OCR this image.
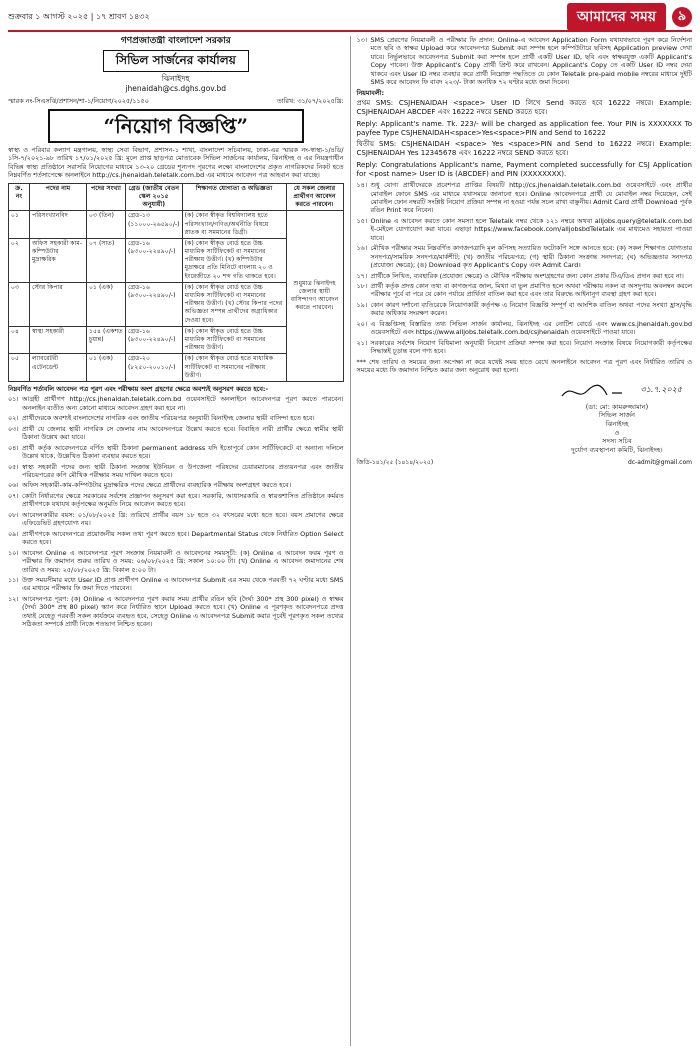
শুক্রবার ১ আগস্ট ২০২৫ | ১৭ শ্রাবণ ১৪৩২	আমাদের সময়	৯
গণপ্রজাতন্ত্রী বাংলাদেশ সরকার
সিভিল সার্জনের কার্যালয়
ঝিনাইদহ
jhenaidah@cs.dghs.gov.bd
স্মারক নং-সিএসঝি/প্রশাসন/শা-১/নিয়োগ/২০২৫/১১৫০	তারিখ: ৩১/০৭/২০২৫খ্রি:
“নিয়োগ বিজ্ঞপ্তি”

স্বাস্থ্য ও পরিবার কল্যাণ মন্ত্রণালয়, স্বাস্থ্য সেবা বিভাগ, প্রশাসন-১ শাখা, বাংলাদেশ সচিবালয়, ঢাকা-এর স্মারক নং-স্বাস্থ্য-১/৪ডি/১সি-৭/২০২১-৯৮ তারিখ ১৭/০১/২০২৫ খ্রি: মূলে প্রাপ্ত ছাড়পত্র মোতাবেক সিভিল সার্জনের কার্যালয়, ঝিনাইদহ ও এর নিয়ন্ত্রণাধীন বিভিন্ন স্বাস্থ্য প্রতিষ্ঠানে সরাসরি নিয়োগের মাধ্যমে ১৩-২০ গ্রেডের শূন্যপদ পূরণের লক্ষ্যে বাংলাদেশের প্রকৃত নাগরিকদের নিকট হতে নিম্নবর্ণিত শর্তসাপেক্ষে অনলাইনে http://cs.jhenaidah.teletalk.com.bd এর মাধ্যমে আবেদন পত্র আহবান করা যাচ্ছে।

ক্র. নং	পদের নাম	পদের সংখ্যা	গ্রেড (জাতীয় বেতন স্কেল ২০১৫ অনুযায়ী)	শিক্ষাগত যোগ্যতা ও অভিজ্ঞতা	যে সকল জেলার প্রার্থীগণ আবেদন করতে পারবেন।
০১	পরিসংখ্যানবিদ	০৩ (তিন)	গ্রেড-১৩ (১১০০০-২৬৫৯০/-)	(ক) কোন স্বীকৃত বিশ্ববিদ্যালয় হতে পরিসংখ্যান/গণিত/অর্থনীতি বিষয়ে স্নাতক বা সমমানের ডিগ্রী।	শুধুমাত্র ঝিনাইদহ জেলার স্থায়ী বাসিন্দাগণ আবেদন করতে পারবেন।
০২	অফিস সহকারী কাম-কম্পিউটার মুদ্রাক্ষরিক	০৭ (সাত)	গ্রেড-১৬ (৯৩০০-২২৪৯০/-)	(ক) কোন স্বীকৃত বোর্ড হতে উচ্চ মাধ্যমিক সার্টিফিকেট বা সমমানের পরীক্ষায় উত্তীর্ণ। (খ) কম্পিউটার মুদ্রাক্ষরে প্রতি মিনিটে বাংলায় ২০ ও ইংরেজীতে ২০ শব্দ গতি থাকতে হবে।	
০৩	স্টোর কিপার	০১ (এক)	গ্রেড-১৬ (৯৩০০-২২৪৯০/-)	(ক) কোন স্বীকৃত বোর্ড হতে উচ্চ মাধ্যমিক সার্টিফিকেট বা সমমানের পরীক্ষায় উত্তীর্ণ। (খ) স্টোর কিপার পদের অভিজ্ঞতা সম্পন্ন প্রার্থীদের অগ্রাধিকার দেওয়া হবে।	
০৪	স্বাস্থ্য সহকারী	১৫৪ (একশত চুয়ান্ন)	গ্রেড-১৬ (৯৩০০-২২৪৯০/-)	(ক) কোন স্বীকৃত বোর্ড হতে উচ্চ মাধ্যমিক সার্টিফিকেট বা সমমানের পরীক্ষায় উত্তীর্ণ।	
০৫	ল্যাবরেটরী এটেনডেন্ট	০১ (এক)	গ্রেড-২০ (৮২৫০-২০০১০/-)	(ক) কোন স্বীকৃত বোর্ড হতে মাধ্যমিক সার্টিফিকেট বা সমমানের পরীক্ষায় উত্তীর্ণ।	

নিম্নবর্ণিত শর্তাবলি আবেদন পত্র পূরণ এবং পরীক্ষায় অংশ গ্রহণের ক্ষেত্রে অবশ্যই অনুসরণ করতে হবে:-

০১। আগ্রহী প্রার্থীগণ http://cs.jhenaidah.teletalk.com.bd ওয়েবসাইটে অনলাইনে আবেদনপত্র পূরণ করতে পারবেন। অনলাইন ব্যতীত অন্য কোনো মাধ্যমে আবেদন গ্রহণ করা হবে না।
০২। প্রার্থীদেরকে অবশ্যই বাংলাদেশের নাগরিক এবং জাতীয় পরিচয়পত্র অনুযায়ী ঝিনাইদহ জেলার স্থায়ী বাসিন্দা হতে হবে।
০৩। প্রার্থী যে জেলার স্থায়ী নাগরিক সে জেলার নাম আবেদনপত্রে উল্লেখ করতে হবে। বিবাহিত নারী প্রার্থীর ক্ষেত্রে স্বামীর স্থায়ী ঠিকানা উল্লেখ করা যাবে।
০৪। প্রার্থী কর্তৃক আবেদনপত্রে বর্ণিত স্থায়ী ঠিকানা permanent address যদি ইতোপূর্বে কোন সার্টিফিকেটে বা অন্যান্য দলিলে উল্লেখ থাকে, উল্লেখিত ঠিকানা ব্যবহার করতে হবে।
০৫। স্বাস্থ্য সহকারী পদের জন্য স্থায়ী ঠিকানা সংক্রান্ত ইউনিয়ন ও উপজেলা পরিষদের চেয়ারম্যানের প্রত্যয়নপত্র এবং জাতীয় পরিচয়পত্রের কপি মৌখিক পরীক্ষার সময় দাখিল করতে হবে।
০৬। অফিস সহকারী-কাম-কম্পিউটার মুদ্রাক্ষরিক পদের ক্ষেত্রে প্রার্থীদের ব্যবহারিক পরীক্ষায় অংশগ্রহণ করতে হবে।
০৭। কোটা নির্ধারণের ক্ষেত্রে সরকারের সর্বশেষ প্রজ্ঞাপন অনুসরণ করা হবে। সরকারি, আধাসরকারি ও স্বায়ত্তশাসিত প্রতিষ্ঠানে কর্মরত প্রার্থীগণকে যথাযথ কর্তৃপক্ষের অনুমতি নিয়ে আবেদন করতে হবে।
০৮। আবেদনকারীর বয়স: ০১/০৮/২০২৫ খ্রি: তারিখে প্রার্থীর বয়স ১৮ হতে ৩২ বৎসরের মধ্যে হতে হবে। বয়স প্রমাণের ক্ষেত্রে এফিডেভিট গ্রহণযোগ্য নয়।
০৯। প্রার্থীগণকে আবেদনপত্রে প্রয়োজনীয় সকল তথ্য পূরণ করতে হবে। Departmental Status থেকে নির্ধারিত Option Select করতে হবে।
১০। আবেদন Online এ আবেদনপত্র পূরণ সংক্রান্ত নিয়মাবলী ও আবেদনের সময়সূচী: (ক) Online এ আবেদন ফরম পূরণ ও পরীক্ষার ফি জমাদান শুরুর তারিখ ও সময়: ০৬/০৮/২০২৫ খ্রি: সকাল ১০:০০ টা। (খ) Online এ আবেদন জমাদানের শেষ তারিখ ও সময়: ২৫/০৮/২০২৫ খ্রি: বিকাল ৫:০০ টা।
১১। উক্ত সময়সীমার মধ্যে User ID প্রাপ্ত প্রার্থীগণ Online এ আবেদনপত্র Submit এর সময় থেকে পরবর্তী ৭২ ঘণ্টার মধ্যে SMS এর মাধ্যমে পরীক্ষার ফি জমা দিতে পারবেন।
১২। আবেদনপত্র পূরণ: (ক) Online এ আবেদনপত্র পূরণ করার সময় প্রার্থীর রঙিন ছবি (দৈর্ঘ্য 300* প্রস্থ 300 pixel) ও স্বাক্ষর (দৈর্ঘ্য 300* প্রস্থ 80 pixel) স্ক্যান করে নির্ধারিত স্থানে Upload করতে হবে। (খ) Online এ পূরণকৃত আবেদনপত্রে প্রদত্ত তথ্যই যেহেতু পরবর্তী সকল কার্যক্রমে ব্যবহৃত হবে, সেহেতু Online এ আবেদনপত্র Submit করার পূর্বেই পূরণকৃত সকল তথ্যের সঠিকতা সম্পর্কে প্রার্থী নিজে শতভাগ নিশ্চিত হবেন।
১৩। SMS প্রেরণের নিয়মাবলী ও পরীক্ষার ফি প্রদান: Online-এ আবেদন Application Form যথাযথভাবে পূরণ করে নির্দেশনা মতে ছবি ও স্বাক্ষর Upload করে আবেদনপত্র Submit করা সম্পন্ন হলে কম্পিউটারে ছবিসহ Application preview দেখা যাবে। নির্ভুলভাবে আবেদনপত্র Submit করা সম্পন্ন হলে প্রার্থী একটি User ID, ছবি এবং স্বাক্ষরযুক্ত একটি Applicant's Copy পাবেন। উক্ত Applicant's Copy প্রার্থী প্রিন্ট করে রাখবেন। Applicant's Copy তে একটি User ID নম্বর দেয়া থাকবে এবং User ID নম্বর ব্যবহার করে প্রার্থী নিম্নোক্ত পদ্ধতিতে যে কোন Teletalk pre-paid mobile নম্বরের মাধ্যমে দুইটি SMS করে আবেদন ফি বাবদ ২২৩/- টাকা অনধিক ৭২ ঘণ্টার মধ্যে জমা দিবেন।

নিয়মাবলী:

প্রথম SMS: CSJHENAIDAH <space> User ID লিখে Send করতে হবে 16222 নম্বরে। Example: CSJHENAIDAH ABCDEF এবং 16222 নম্বরে SEND করতে হবে।

Reply: Applicant's name. Tk. 223/- will be charged as application fee. Your PIN is XXXXXXX To payfee Type CSJHENAIDAH<space>Yes<space>PIN and Send to 16222

দ্বিতীয় SMS: CSJHENAIDAH <space> Yes <space>PIN and Send to 16222 নম্বরে। Example: CSJHENAIDAH Yes 12345678 এবং 16222 নম্বরে SEND করতে হবে।

Reply: Congratulations Applicant's name, Payment completed successfully for CSJ Application for <post name> User ID is (ABCDEF) and PIN (XXXXXXXX).

১৪। শুধু যোগ্য প্রার্থীদেরকে প্রবেশপত্র প্রাপ্তির বিষয়টি http://cs.jhenaidah.teletalk.com.bd ওয়েবসাইটে এবং প্রার্থীর মোবাইল ফোনে SMS এর মাধ্যমে যথাসময়ে জানানো হবে। Online আবেদনপত্রে প্রার্থী যে মোবাইল নম্বর দিয়েছেন, সেই মোবাইল ফোন নম্বরটি সংশ্লিষ্ট নিয়োগ প্রক্রিয়া সম্পন্ন না হওয়া পর্যন্ত সচল রাখা বাঞ্ছনীয়। Admit Card প্রার্থী Download পূর্বক রঙিন Print করে নিবেন।
১৫। Online এ আবেদন করতে কোন সমস্যা হলে Teletalk নম্বর থেকে ১২১ নম্বরে অথবা alljobs.query@teletalk.com.bd ই-মেইলে যোগাযোগ করা যাবে। এছাড়া https://www.facebook.com/alljobsbdTeletalk এর মাধ্যমেও সহায়তা পাওয়া যাবে।
১৬। মৌখিক পরীক্ষার সময় নিম্নবর্ণিত কাগজপত্রাদি মূল কপিসহ সত্যায়িত ফটোকপি সঙ্গে আনতে হবে: (ক) সকল শিক্ষাগত যোগ্যতার সনদপত্র/সাময়িক সনদপত্র/মার্কশীট; (খ) জাতীয় পরিচয়পত্র; (গ) স্থায়ী ঠিকানা সংক্রান্ত সনদপত্র; (ঘ) অভিজ্ঞতার সনদপত্র (প্রযোজ্য ক্ষেত্রে); (ঙ) Download কৃত Applicant's Copy এবং Admit Card।
১৭। প্রার্থীকে লিখিত, ব্যবহারিক (প্রযোজ্য ক্ষেত্রে) ও মৌখিক পরীক্ষায় অংশগ্রহণের জন্য কোন প্রকার টিএ/ডিএ প্রদান করা হবে না।
১৮। প্রার্থী কর্তৃক প্রদত্ত কোন তথ্য বা কাগজপত্র জাল, মিথ্যা বা ভুল প্রমাণিত হলে অথবা পরীক্ষায় নকল বা অসদুপায় অবলম্বন করলে পরীক্ষার পূর্বে বা পরে যে কোন পর্যায়ে প্রার্থিতা বাতিল করা হবে এবং তার বিরুদ্ধে আইনানুগ ব্যবস্থা গ্রহণ করা হবে।
১৯। কোন কারণ দর্শানো ব্যতিরেকে নিয়োগকারী কর্তৃপক্ষ এ নিয়োগ বিজ্ঞপ্তি সম্পূর্ণ বা আংশিক বাতিল অথবা পদের সংখ্যা হ্রাস/বৃদ্ধি করার অধিকার সংরক্ষণ করেন।
২০। এ বিজ্ঞপ্তিসহ বিস্তারিত তথ্য সিভিল সার্জন কার্যালয়, ঝিনাইদহ এর নোটিশ বোর্ডে এবং www.cs.jhenaidah.gov.bd ওয়েবসাইটে এবং https://www.alljobs.teletalk.com.bd/csjhenaidah ওয়েবসাইটে পাওয়া যাবে।
২১। সরকারের সর্বশেষ নিয়োগ বিধিমালা অনুযায়ী নিয়োগ প্রক্রিয়া সম্পন্ন করা হবে। নিয়োগ সংক্রান্ত বিষয়ে নিয়োগকারী কর্তৃপক্ষের সিদ্ধান্তই চূড়ান্ত বলে গণ্য হবে।

*** শেষ তারিখ ও সময়ের জন্য অপেক্ষা না করে যথেষ্ট সময় হাতে রেখে অনলাইনে আবেদন পত্র পূরণ এবং নির্ধারিত তারিখ ও সময়ের মধ্যে ফি জমাদান নিশ্চিত করার জন্য অনুরোধ করা হলো।

৩১.৭.২০২৫
(ডা: মো: কামরুজ্জামান)
সিভিল সার্জন
ঝিনাইদহ
ও
সদস্য সচিব
দুর্যোগ ব্যবস্থাপনা কমিটি, ঝিনাইদহ।
জিডি-১৪১/২৫ (১৪১৪/২০২৫)	dc-admit@gmail.com
